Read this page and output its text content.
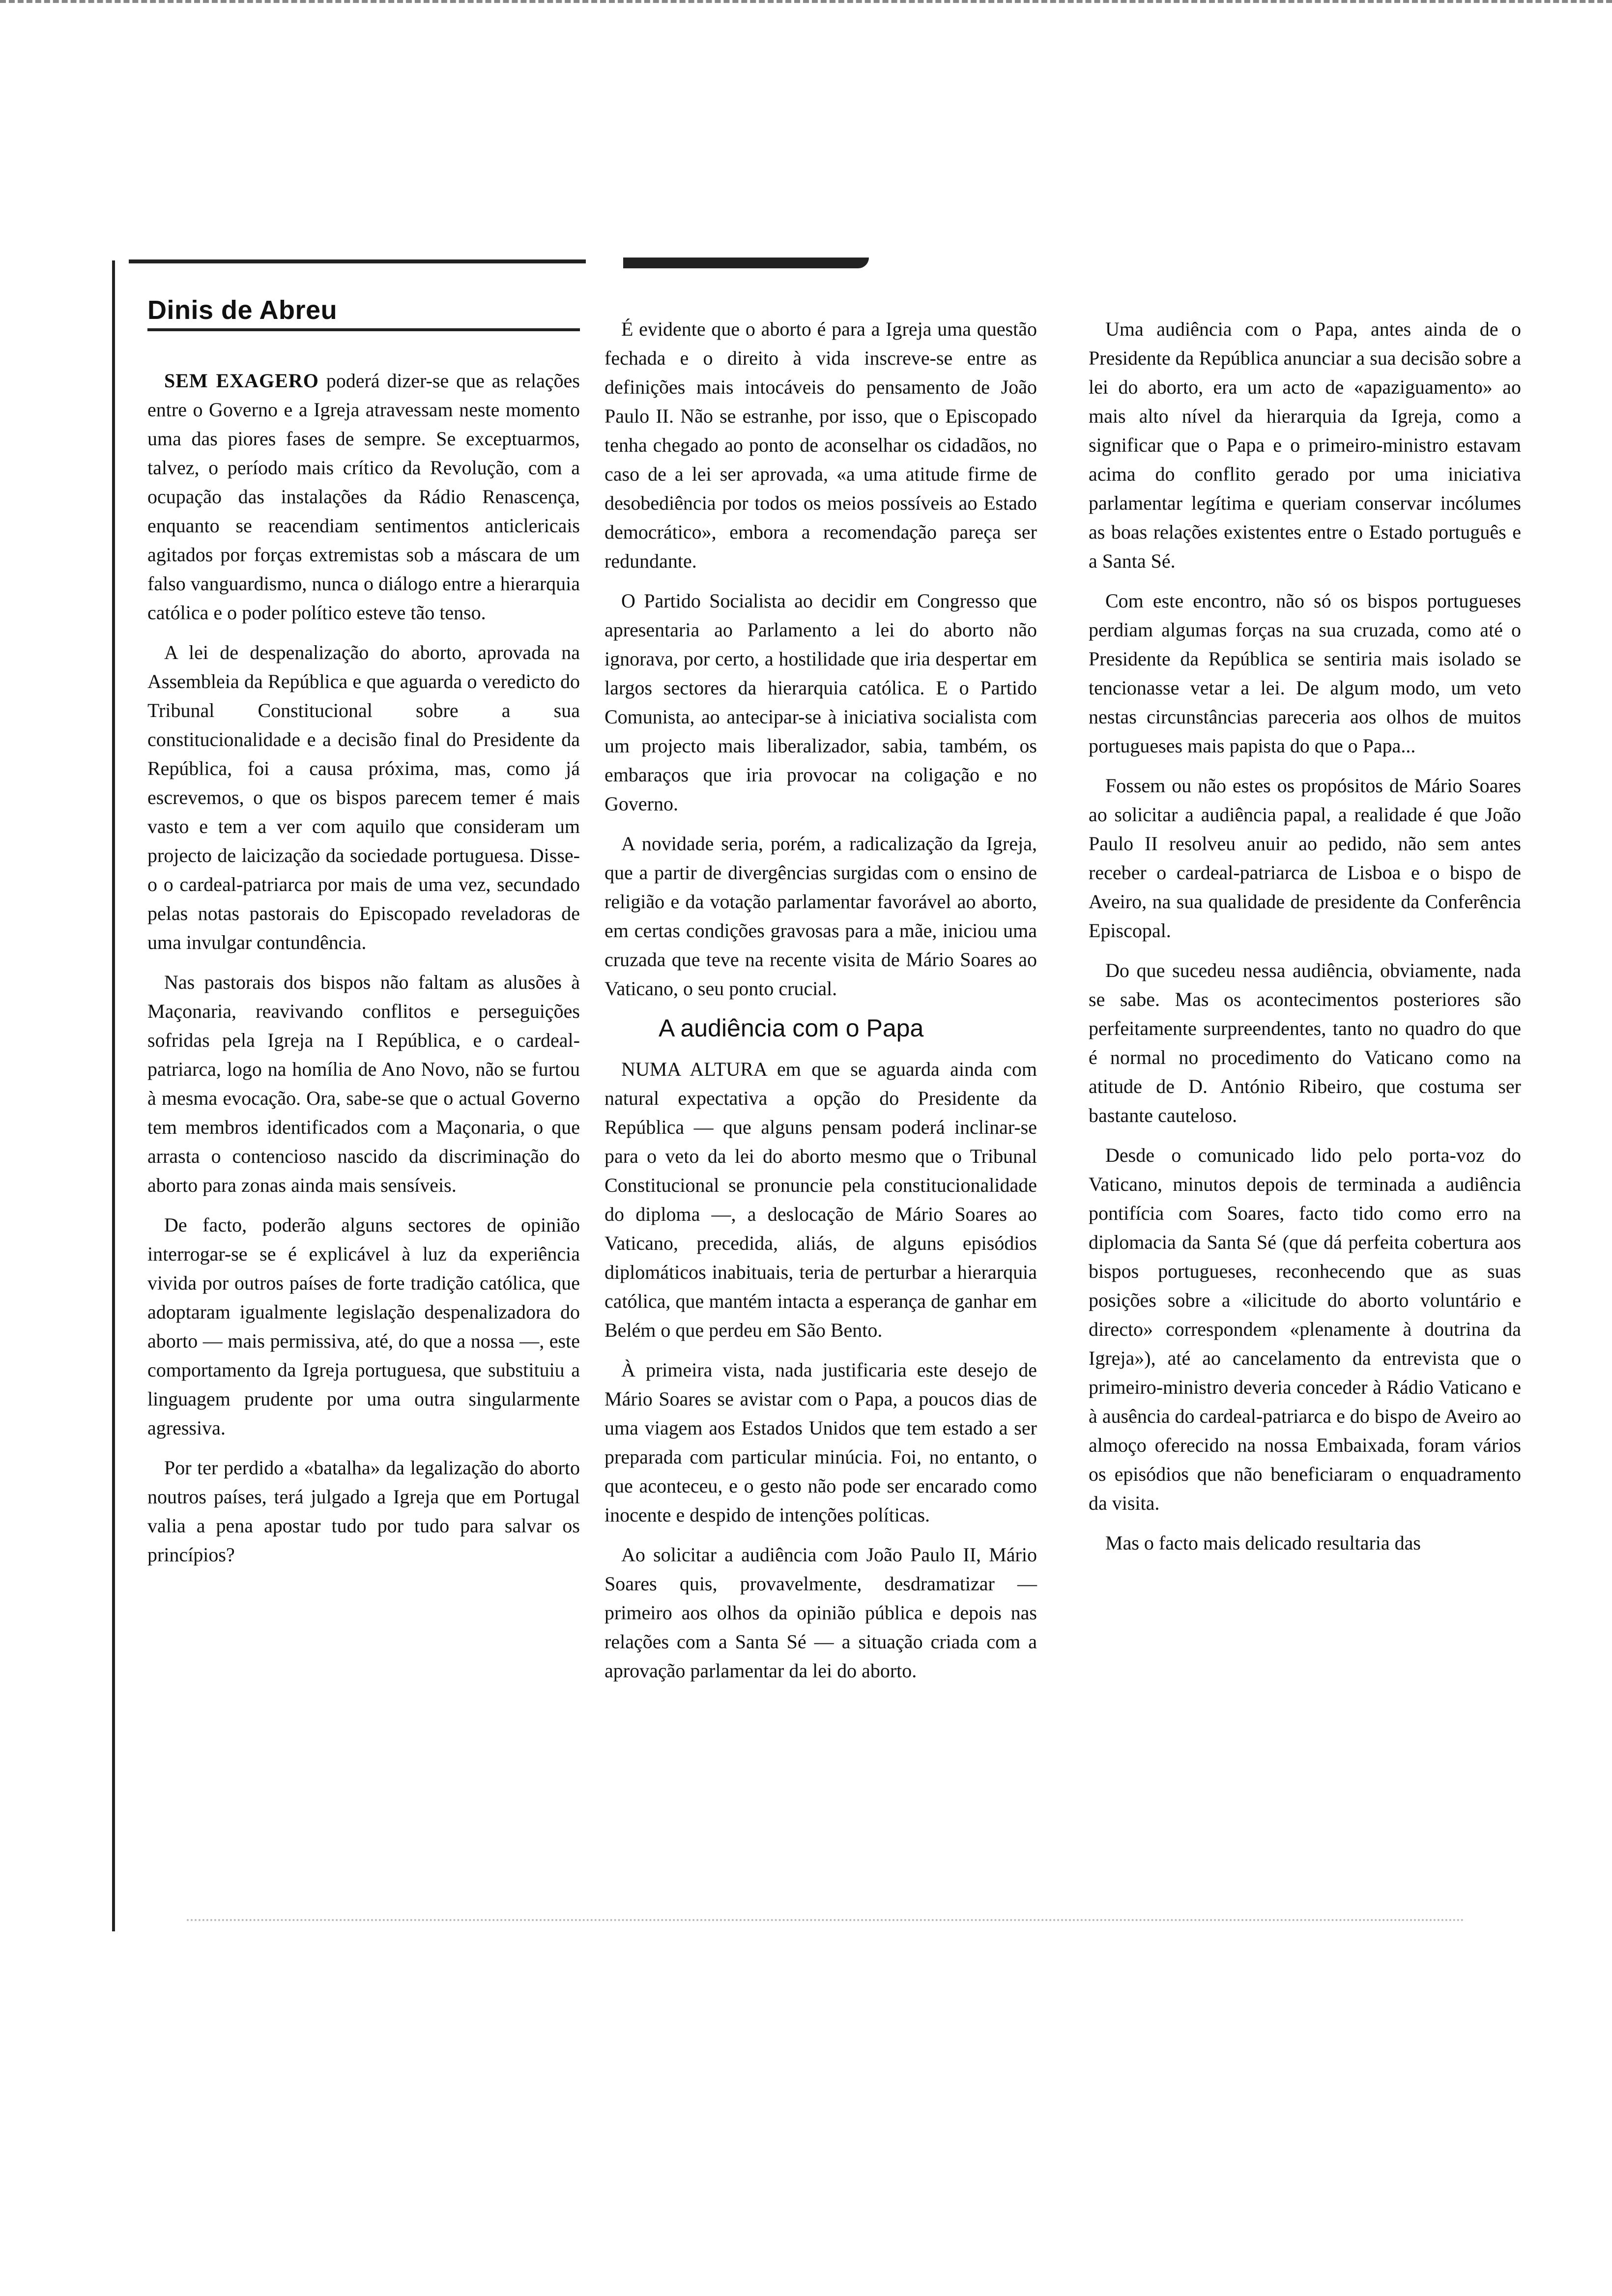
Dinis de Abreu

SEM EXAGERO poderá dizer-se que as relações entre o Governo e a Igreja atravessam neste momento uma das piores fases de sempre. Se exceptuarmos, talvez, o período mais crítico da Revolução, com a ocupação das instalações da Rádio Renascença, enquanto se reacendiam sentimentos anticlericais agitados por forças extremistas sob a máscara de um falso vanguardismo, nunca o diálogo entre a hierarquia católica e o poder político esteve tão tenso.

A lei de despenalização do aborto, aprovada na Assembleia da República e que aguarda o veredicto do Tribunal Constitucional sobre a sua constitucionalidade e a decisão final do Presidente da República, foi a causa próxima, mas, como já escrevemos, o que os bispos parecem temer é mais vasto e tem a ver com aquilo que consideram um projecto de laicização da sociedade portuguesa. Disse-o o cardeal-patriarca por mais de uma vez, secundado pelas notas pastorais do Episcopado reveladoras de uma invulgar contundência.

Nas pastorais dos bispos não faltam as alusões à Maçonaria, reavivando conflitos e perseguições sofridas pela Igreja na I República, e o cardeal-patriarca, logo na homília de Ano Novo, não se furtou à mesma evocação. Ora, sabe-se que o actual Governo tem membros identificados com a Maçonaria, o que arrasta o contencioso nascido da discriminação do aborto para zonas ainda mais sensíveis.

De facto, poderão alguns sectores de opinião interrogar-se se é explicável à luz da experiência vivida por outros países de forte tradição católica, que adoptaram igualmente legislação despenalizadora do aborto — mais permissiva, até, do que a nossa —, este comportamento da Igreja portuguesa, que substituiu a linguagem prudente por uma outra singularmente agressiva.

Por ter perdido a «batalha» da legalização do aborto noutros países, terá julgado a Igreja que em Portugal valia a pena apostar tudo por tudo para salvar os princípios?

É evidente que o aborto é para a Igreja uma questão fechada e o direito à vida inscreve-se entre as definições mais intocáveis do pensamento de João Paulo II. Não se estranhe, por isso, que o Episcopado tenha chegado ao ponto de aconselhar os cidadãos, no caso de a lei ser aprovada, «a uma atitude firme de desobediência por todos os meios possíveis ao Estado democrático», embora a recomendação pareça ser redundante.

O Partido Socialista ao decidir em Congresso que apresentaria ao Parlamento a lei do aborto não ignorava, por certo, a hostilidade que iria despertar em largos sectores da hierarquia católica. E o Partido Comunista, ao antecipar-se à iniciativa socialista com um projecto mais liberalizador, sabia, também, os embaraços que iria provocar na coligação e no Governo.

A novidade seria, porém, a radicalização da Igreja, que a partir de divergências surgidas com o ensino de religião e da votação parlamentar favorável ao aborto, em certas condições gravosas para a mãe, iniciou uma cruzada que teve na recente visita de Mário Soares ao Vaticano, o seu ponto crucial.

A audiência com o Papa

NUMA ALTURA em que se aguarda ainda com natural expectativa a opção do Presidente da República — que alguns pensam poderá inclinar-se para o veto da lei do aborto mesmo que o Tribunal Constitucional se pronuncie pela constitucionalidade do diploma —, a deslocação de Mário Soares ao Vaticano, precedida, aliás, de alguns episódios diplomáticos inabituais, teria de perturbar a hierarquia católica, que mantém intacta a esperança de ganhar em Belém o que perdeu em São Bento.

À primeira vista, nada justificaria este desejo de Mário Soares se avistar com o Papa, a poucos dias de uma viagem aos Estados Unidos que tem estado a ser preparada com particular minúcia. Foi, no entanto, o que aconteceu, e o gesto não pode ser encarado como inocente e despido de intenções políticas.

Ao solicitar a audiência com João Paulo II, Mário Soares quis, provavelmente, desdramatizar — primeiro aos olhos da opinião pública e depois nas relações com a Santa Sé — a situação criada com a aprovação parlamentar da lei do aborto.

Uma audiência com o Papa, antes ainda de o Presidente da República anunciar a sua decisão sobre a lei do aborto, era um acto de «apaziguamento» ao mais alto nível da hierarquia da Igreja, como a significar que o Papa e o primeiro-ministro estavam acima do conflito gerado por uma iniciativa parlamentar legítima e queriam conservar incólumes as boas relações existentes entre o Estado português e a Santa Sé.

Com este encontro, não só os bispos portugueses perdiam algumas forças na sua cruzada, como até o Presidente da República se sentiria mais isolado se tencionasse vetar a lei. De algum modo, um veto nestas circunstâncias pareceria aos olhos de muitos portugueses mais papista do que o Papa...

Fossem ou não estes os propósitos de Mário Soares ao solicitar a audiência papal, a realidade é que João Paulo II resolveu anuir ao pedido, não sem antes receber o cardeal-patriarca de Lisboa e o bispo de Aveiro, na sua qualidade de presidente da Conferência Episcopal.

Do que sucedeu nessa audiência, obviamente, nada se sabe. Mas os acontecimentos posteriores são perfeitamente surpreendentes, tanto no quadro do que é normal no procedimento do Vaticano como na atitude de D. António Ribeiro, que costuma ser bastante cauteloso.

Desde o comunicado lido pelo porta-voz do Vaticano, minutos depois de terminada a audiência pontifícia com Soares, facto tido como erro na diplomacia da Santa Sé (que dá perfeita cobertura aos bispos portugueses, reconhecendo que as suas posições sobre a «ilicitude do aborto voluntário e directo» correspondem «plenamente à doutrina da Igreja»), até ao cancelamento da entrevista que o primeiro-ministro deveria conceder à Rádio Vaticano e à ausência do cardeal-patriarca e do bispo de Aveiro ao almoço oferecido na nossa Embaixada, foram vários os episódios que não beneficiaram o enquadramento da visita.

Mas o facto mais delicado resultaria das
